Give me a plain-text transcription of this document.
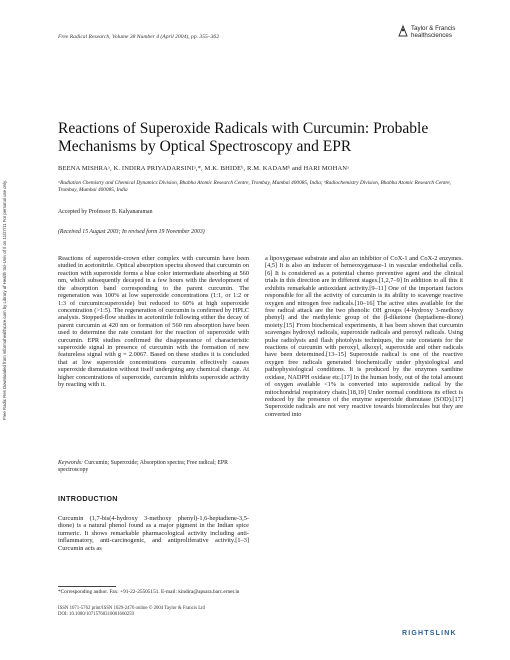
Free Radic Res Downloaded from informahealthcare.com by Library of Health Sci-Univ of Il on 11/27/11 For personal use only.
Free Radical Research, Volume 38 Number 4 (April 2004), pp. 355–362
Taylor & Francis
healthsciences
Reactions of Superoxide Radicals with Curcumin: Probable Mechanisms by Optical Spectroscopy and EPR
BEENA MISHRAᵃ, K. INDIRA PRIYADARSINIᵃ,*, M.K. BHIDEᵇ, R.M. KADAMᵇ and HARI MOHANᵃ
ᵃRadiation Chemistry and Chemical Dynamics Division, Bhabha Atomic Research Centre, Trombay, Mumbai 400085, India; ᵇRadiochemistry Division, Bhabha Atomic Research Centre, Trombay, Mumbai 400085, India
Accepted by Professor B. Kalyanaraman
(Received 15 August 2003; In revised form 19 November 2003)

Reactions of superoxide-crown ether complex with curcumin have been studied in acetonitrile. Optical absorption spectra showed that curcumin on reaction with superoxide forms a blue color intermediate absorbing at 560 nm, which subsequently decayed in a few hours with the development of the absorption band corresponding to the parent curcumin. The regeneration was 100% at low superoxide concentrations (1:1, or 1:2 or 1:3 of curcumin:superoxide) but reduced to 60% at high superoxide concentration (>1:5). The regeneration of curcumin is confirmed by HPLC analysis. Stopped-flow studies in acetonitrile following either the decay of parent curcumin at 420 nm or formation of 560 nm absorption have been used to determine the rate constant for the reaction of superoxide with curcumin. EPR studies confirmed the disappearance of characteristic superoxide signal in presence of curcumin with the formation of new featureless signal with g = 2.0067. Based on these studies it is concluded that at low superoxide concentrations curcumin effectively causes superoxide dismutation without itself undergoing any chemical change. At higher concentrations of superoxide, curcumin inhibits superoxide activity by reacting with it.

Keywords: Curcumin; Superoxide; Absorption spectra; Free radical; EPR spectroscopy
INTRODUCTION

Curcumin (1,7-bis(4-hydroxy 3-methoxy phenyl)-1,6-heptadiene-3,5-dione) is a natural phenol found as a major pigment in the Indian spice turmeric. It shows remarkable pharmacological activity including anti-inflammatory, anti-carcinogenic, and antiproliferative activity.[1–3] Curcumin acts as

a lipoxygenase substrate and also an inhibitor of CoX-1 and CoX-2 enzymes.[4,5] It is also an inducer of hemeoxygenase-1 in vascular endothelial cells.[6] It is considered as a potential chemo preventive agent and the clinical trials in this direction are in different stages.[1,2,7–9] In addition to all this it exhibits remarkable antioxidant activity.[9–11] One of the important factors responsible for all the activity of curcumin is its ability to scavenge reactive oxygen and nitrogen free radicals.[10–16] The active sites available for the free radical attack are the two phenolic OH groups (4-hydroxy 3-methoxy phenyl) and the methylenic group of the β-diketone (heptadiene-dione) moiety.[15] From biochemical experiments, it has been shown that curcumin scavenges hydroxyl radicals, superoxide radicals and peroxyl radicals. Using pulse radiolysis and flash photolysis techniques, the rate constants for the reactions of curcumin with peroxyl, alkoxyl, superoxide and other radicals have been determined.[13–15] Superoxide radical is one of the reactive oxygen free radicals generated biochemically under physiological and pathophysiological conditions. It is produced by the enzymes xanthine oxidase, NADPH oxidase etc.[17] In the human body, out of the total amount of oxygen available <1% is converted into superoxide radical by the mitochondrial respiratory chain.[18,19] Under normal conditions its effect is reduced by the presence of the enzyme superoxide dismutase (SOD).[17] Superoxide radicals are not very reactive towards biomolecules but they are converted into

*Corresponding author. Fax: +91-22-25505151. E-mail: kindira@apsara.barc.ernet.in
ISSN 1071-5762 print/ISSN 1029-2470 online © 2004 Taylor & Francis Ltd
DOI: 10.1080/10715760310001660259
RIGHTSLINK
